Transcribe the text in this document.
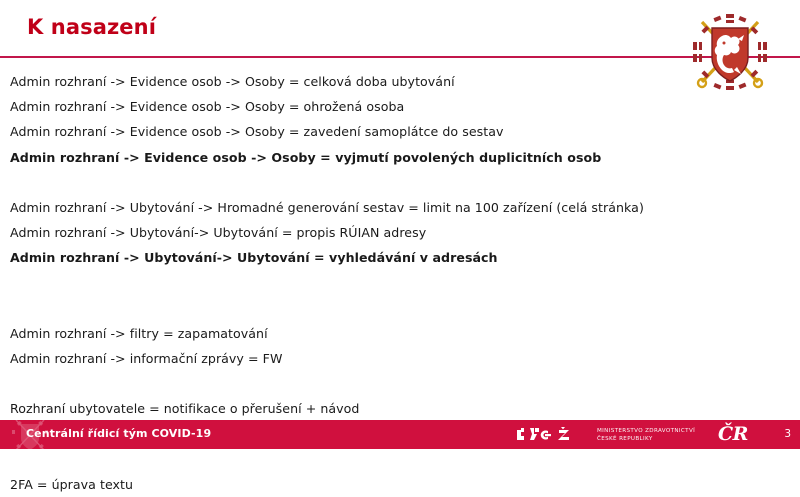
K nasazení
Admin rozhraní -> Evidence osob -> Osoby = celková doba ubytování
Admin rozhraní -> Evidence osob -> Osoby = ohrožená osoba
Admin rozhraní -> Evidence osob -> Osoby = zavedení samoplátce do sestav
Admin rozhraní -> Evidence osob -> Osoby = vyjmutí povolených duplicitních osob
Admin rozhraní -> Ubytování -> Hromadné generování sestav = limit na 100 zařízení (celá stránka)
Admin rozhraní -> Ubytování-> Ubytování = propis RÚIAN adresy
Admin rozhraní -> Ubytování-> Ubytování = vyhledávání v adresách
Admin rozhraní -> filtry = zapamatování
Admin rozhraní -> informační zprávy = FW
Rozhraní ubytovatele = notifikace o přerušení + návod
2FA = úprava textu
Centrální řídicí tým COVID-19	MINISTERSTVO ZDRAVOTNICTVÍ
ČESKÉ REPUBLIKY	ČR	3
